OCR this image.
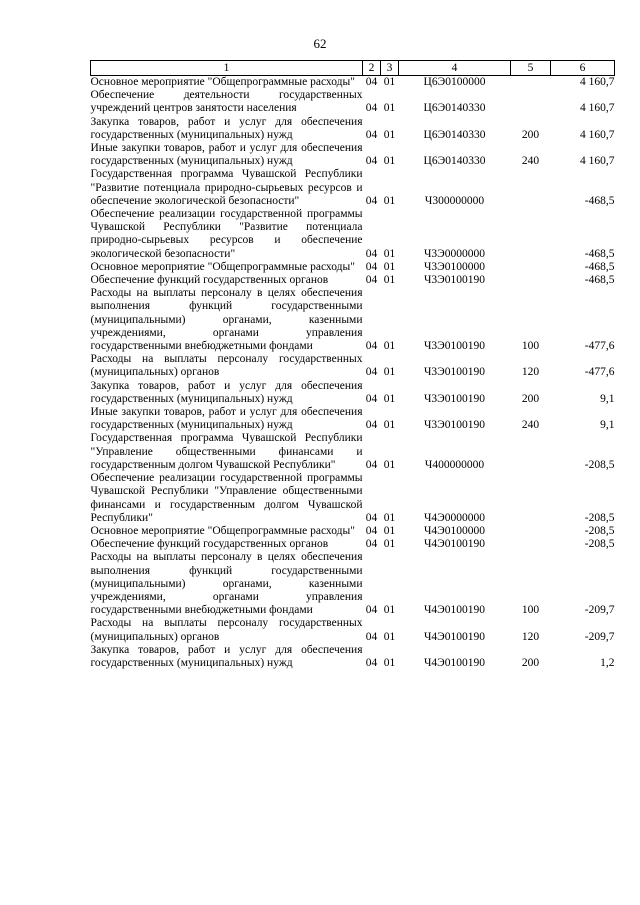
62
1	2	3	4	5	6
Основное мероприятие "Общепрограммные расходы"	04	01	Ц6Э0100000		4 160,7
Обеспечение деятельности государственных учреждений центров занятости населения	04	01	Ц6Э0140330		4 160,7
Закупка товаров, работ и услуг для обеспечения государственных (муниципальных) нужд	04	01	Ц6Э0140330	200	4 160,7
Иные закупки товаров, работ и услуг для обеспечения государственных (муниципальных) нужд	04	01	Ц6Э0140330	240	4 160,7
Государственная программа Чувашской Республики "Развитие потенциала природно-сырьевых ресурсов и обеспечение экологической безопасности"	04	01	Ч300000000		-468,5
Обеспечение реализации государственной программы Чувашской Республики "Развитие потенциала природно-сырьевых ресурсов и обеспечение экологической безопасности"	04	01	Ч3Э0000000		-468,5
Основное мероприятие "Общепрограммные расходы"	04	01	Ч3Э0100000		-468,5
Обеспечение функций государственных органов	04	01	Ч3Э0100190		-468,5
Расходы на выплаты персоналу в целях обеспечения выполнения функций государственными (муниципальными) органами, казенными учреждениями, органами управления государственными внебюджетными фондами	04	01	Ч3Э0100190	100	-477,6
Расходы на выплаты персоналу государственных (муниципальных) органов	04	01	Ч3Э0100190	120	-477,6
Закупка товаров, работ и услуг для обеспечения государственных (муниципальных) нужд	04	01	Ч3Э0100190	200	9,1
Иные закупки товаров, работ и услуг для обеспечения государственных (муниципальных) нужд	04	01	Ч3Э0100190	240	9,1
Государственная программа Чувашской Республики "Управление общественными финансами и государственным долгом Чувашской Республики"	04	01	Ч400000000		-208,5
Обеспечение реализации государственной программы Чувашской Республики "Управление общественными финансами и государственным долгом Чувашской Республики"	04	01	Ч4Э0000000		-208,5
Основное мероприятие "Общепрограммные расходы"	04	01	Ч4Э0100000		-208,5
Обеспечение функций государственных органов	04	01	Ч4Э0100190		-208,5
Расходы на выплаты персоналу в целях обеспечения выполнения функций государственными (муниципальными) органами, казенными учреждениями, органами управления государственными внебюджетными фондами	04	01	Ч4Э0100190	100	-209,7
Расходы на выплаты персоналу государственных (муниципальных) органов	04	01	Ч4Э0100190	120	-209,7
Закупка товаров, работ и услуг для обеспечения государственных (муниципальных) нужд	04	01	Ч4Э0100190	200	1,2
